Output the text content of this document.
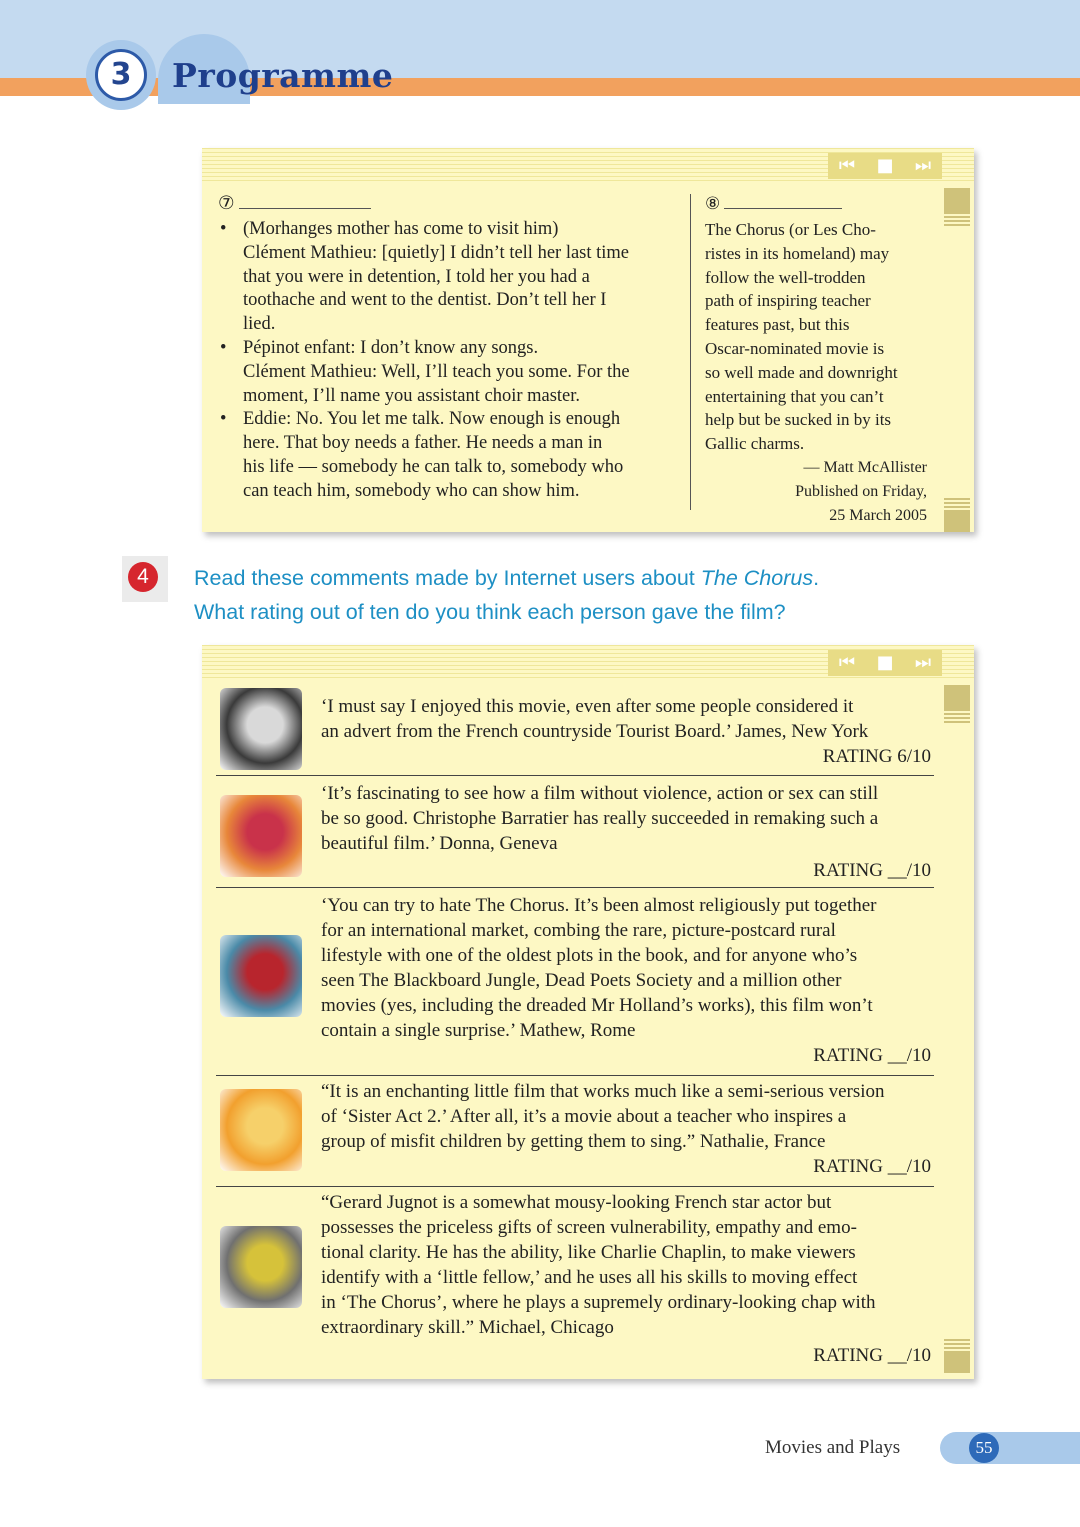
3	Programme
⏮	■	⏭
⑦
• (Morhanges mother has come to visit him)
Clément Mathieu: [quietly] I didn’t tell her last time
that you were in detention, I told her you had a
toothache and went to the dentist. Don’t tell her I
lied.
• Pépinot enfant: I don’t know any songs.
Clément Mathieu: Well, I’ll teach you some. For the
moment, I’ll name you assistant choir master.
• Eddie: No. You let me talk. Now enough is enough
here. That boy needs a father. He needs a man in
his life — somebody he can talk to, somebody who
can teach him, somebody who can show him.
⑧
The Chorus (or Les Cho-
ristes in its homeland) may
follow the well-trodden
path of inspiring teacher
features past, but this
Oscar-nominated movie is
so well made and downright
entertaining that you can’t
help but be sucked in by its
Gallic charms.
— Matt McAllister
Published on Friday,
25 March 2005
4	Read these comments made by Internet users about The Chorus.
What rating out of ten do you think each person gave the film?
⏮	■	⏭
‘I must say I enjoyed this movie, even after some people considered it
an advert from the French countryside Tourist Board.’ James, New York
RATING 6/10
‘It’s fascinating to see how a film without violence, action or sex can still
be so good. Christophe Barratier has really succeeded in remaking such a
beautiful film.’ Donna, Geneva
RATING __/10
‘You can try to hate The Chorus. It’s been almost religiously put together
for an international market, combing the rare, picture-postcard rural
lifestyle with one of the oldest plots in the book, and for anyone who’s
seen The Blackboard Jungle, Dead Poets Society and a million other
movies (yes, including the dreaded Mr Holland’s works), this film won’t
contain a single surprise.’ Mathew, Rome
RATING __/10
“It is an enchanting little film that works much like a semi-serious version
of ‘Sister Act 2.’ After all, it’s a movie about a teacher who inspires a
group of misfit children by getting them to sing.” Nathalie, France
RATING __/10
“Gerard Jugnot is a somewhat mousy-looking French star actor but
possesses the priceless gifts of screen vulnerability, empathy and emo-
tional clarity. He has the ability, like Charlie Chaplin, to make viewers
identify with a ‘little fellow,’ and he uses all his skills to moving effect
in ‘The Chorus’, where he plays a supremely ordinary-looking chap with
extraordinary skill.” Michael, Chicago
RATING __/10
Movies and Plays	55
